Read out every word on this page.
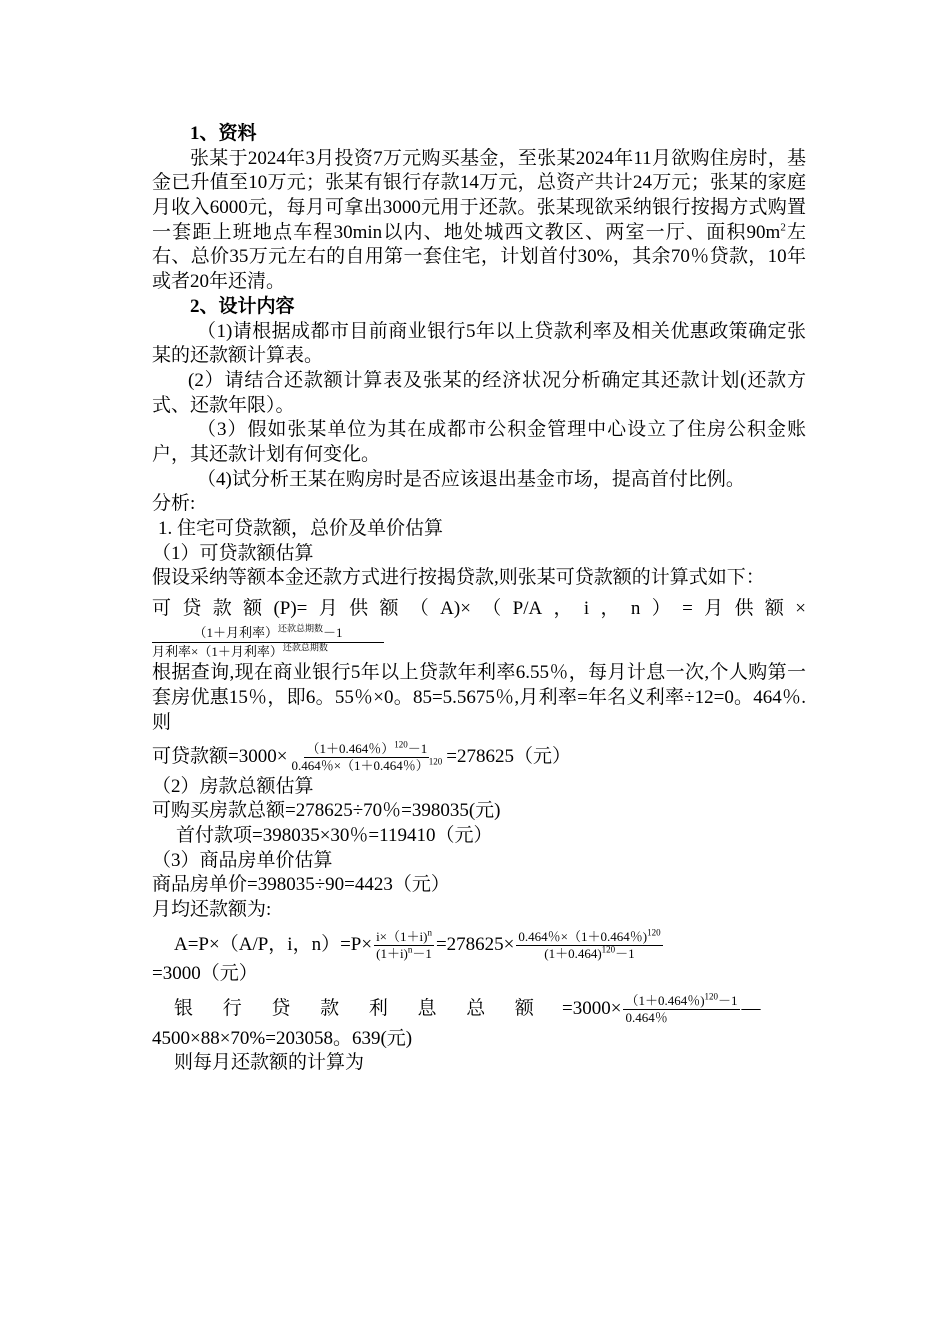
1、资料

张某于2024年3月投资7万元购买基金，至张某2024年11月欲购住房时，基金已升值至10万元；张某有银行存款14万元，总资产共计24万元；张某的家庭月收入6000元，每月可拿出3000元用于还款。张某现欲采纳银行按揭方式购置一套距上班地点车程30min以内、地处城西文教区、两室一厅、面积$90m^2$左右、总价35万元左右的自用第一套住宅，计划首付30%，其余70％贷款，10年或者20年还清。

2、设计内容

（1)请根据成都市目前商业银行5年以上贷款利率及相关优惠政策确定张某的还款额计算表。

(2）请结合还款额计算表及张某的经济状况分析确定其还款计划(还款方式、还款年限）。

（3）假如张某单位为其在成都市公积金管理中心设立了住房公积金账户，其还款计划有何变化。

（4)试分析王某在购房时是否应该退出基金市场，提高首付比例。

分析:

1. 住宅可贷款额，总价及单价估算

（1）可贷款额估算

假设采纳等额本金还款方式进行按揭贷款,则张某可贷款额的计算式如下：

可 贷 款 额 (P)= 月 供 额 （ A)× （ P/A ， i ， n ） = 月 供 额 ×
（1＋月利率）$^{还款总期数}$－1
月利率×（1＋月利率）$^{还款总期数}$

根据查询,现在商业银行5年以上贷款年利率6.55％，每月计息一次,个人购第一套房优惠15％，即6。55％×0。85=5.5675％,月利率=年名义利率÷12=0。464％.则

可贷款额$=3000\times \frac{(1+0.464\%)^{120}-1}{0.464\%\times(1+0.464\%)^{120}} =278625$（元）

（2）房款总额估算

可购买房款总额=278625÷70％=398035(元)

首付款项=398035×30％=119410（元）

（3）商品房单价估算

商品房单价=398035÷90=4423（元）

月均还款额为:

A=P×（A/P，i，$n)=P\times \frac{i\times(1+i)^n}{(1+i)^n-1} =278625\times \frac{0.464\%\times(1+0.464\%)^{120}}{(1+0.464)^{120}-1}$

=3000（元）

银 行 贷 款 利 息 总 额 $=3000\times \frac{(1+0.464\%)^{120}-1}{0.464\%}$ —

4500×88×70%=203058。639(元)

则每月还款额的计算为
